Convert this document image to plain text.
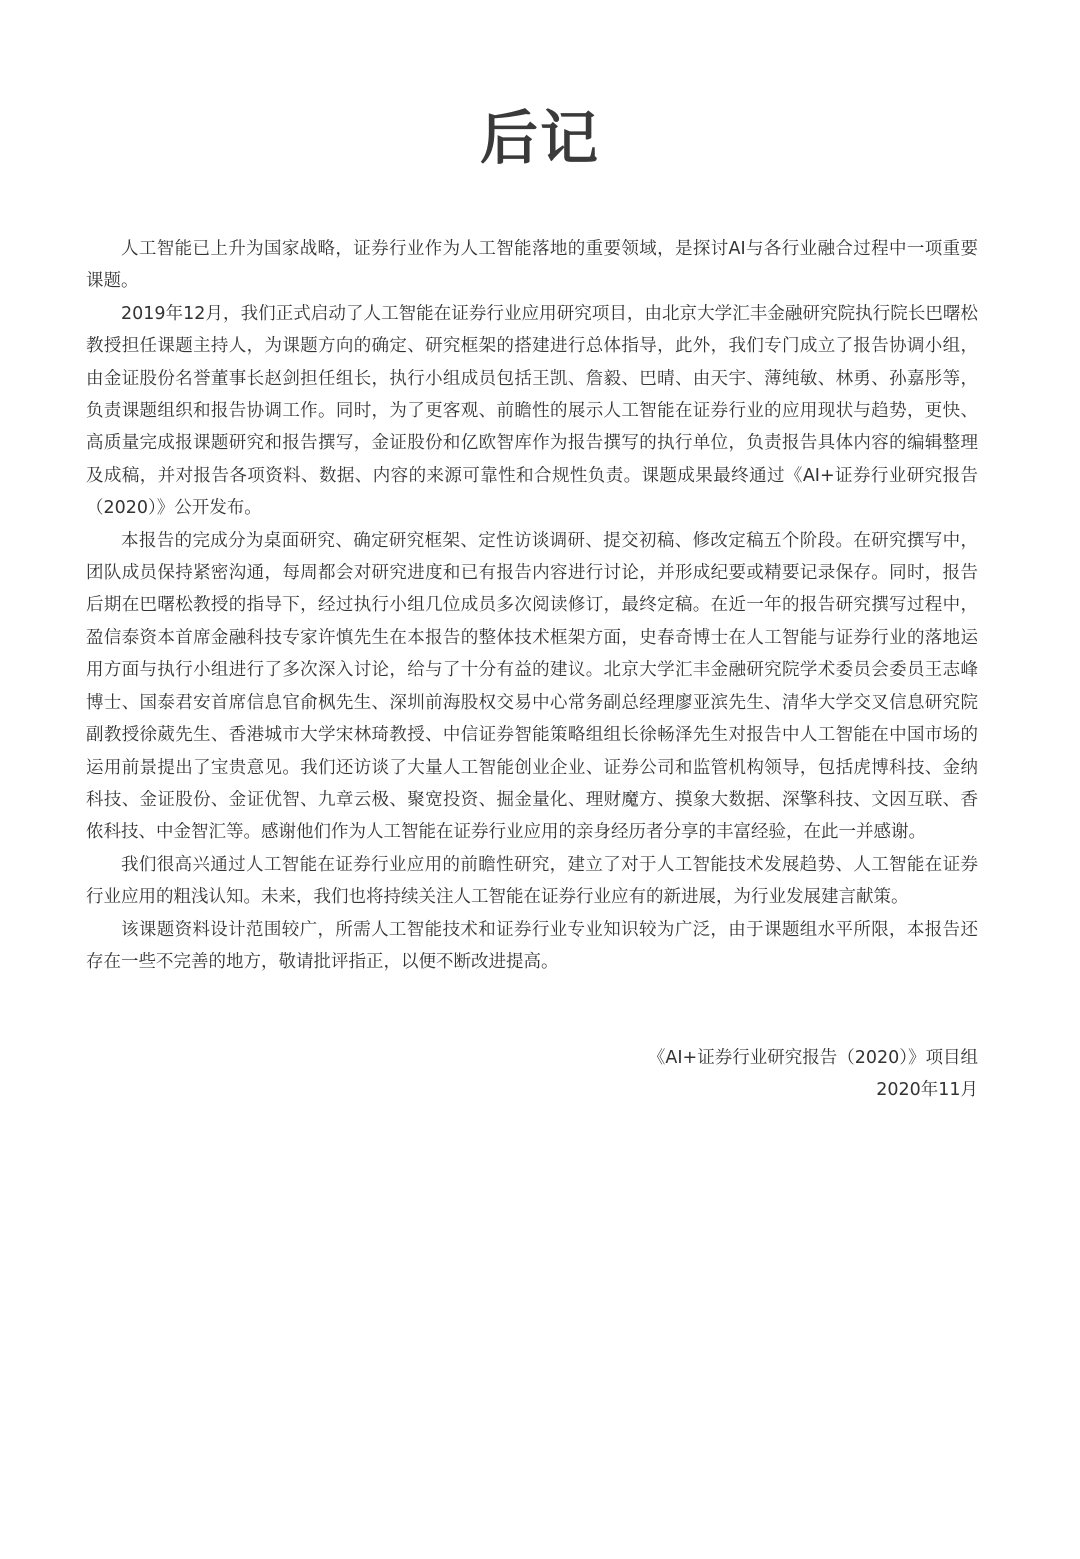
后记

人工智能已上升为国家战略，证券行业作为人工智能落地的重要领域，是探讨AI与各行业融合过程中一项重要课题。

2019年12月，我们正式启动了人工智能在证券行业应用研究项目，由北京大学汇丰金融研究院执行院长巴曙松教授担任课题主持人，为课题方向的确定、研究框架的搭建进行总体指导，此外，我们专门成立了报告协调小组，由金证股份名誉董事长赵剑担任组长，执行小组成员包括王凯、詹毅、巴晴、由天宇、薄纯敏、林勇、孙嘉彤等，负责课题组织和报告协调工作。同时，为了更客观、前瞻性的展示人工智能在证券行业的应用现状与趋势，更快、高质量完成报课题研究和报告撰写，金证股份和亿欧智库作为报告撰写的执行单位，负责报告具体内容的编辑整理及成稿，并对报告各项资料、数据、内容的来源可靠性和合规性负责。课题成果最终通过《AI+证券行业研究报告（2020）》公开发布。

本报告的完成分为桌面研究、确定研究框架、定性访谈调研、提交初稿、修改定稿五个阶段。在研究撰写中，团队成员保持紧密沟通，每周都会对研究进度和已有报告内容进行讨论，并形成纪要或精要记录保存。同时，报告后期在巴曙松教授的指导下，经过执行小组几位成员多次阅读修订，最终定稿。在近一年的报告研究撰写过程中，盈信泰资本首席金融科技专家许慎先生在本报告的整体技术框架方面，史春奇博士在人工智能与证券行业的落地运用方面与执行小组进行了多次深入讨论，给与了十分有益的建议。北京大学汇丰金融研究院学术委员会委员王志峰博士、国泰君安首席信息官俞枫先生、深圳前海股权交易中心常务副总经理廖亚滨先生、清华大学交叉信息研究院副教授徐葳先生、香港城市大学宋林琦教授、中信证券智能策略组组长徐畅泽先生对报告中人工智能在中国市场的运用前景提出了宝贵意见。我们还访谈了大量人工智能创业企业、证券公司和监管机构领导，包括虎博科技、金纳科技、金证股份、金证优智、九章云极、聚宽投资、掘金量化、理财魔方、摸象大数据、深擎科技、文因互联、香侬科技、中金智汇等。感谢他们作为人工智能在证券行业应用的亲身经历者分享的丰富经验，在此一并感谢。

我们很高兴通过人工智能在证券行业应用的前瞻性研究，建立了对于人工智能技术发展趋势、人工智能在证券行业应用的粗浅认知。未来，我们也将持续关注人工智能在证券行业应有的新进展，为行业发展建言献策。

该课题资料设计范围较广，所需人工智能技术和证券行业专业知识较为广泛，由于课题组水平所限，本报告还存在一些不完善的地方，敬请批评指正，以便不断改进提高。

《AI+证券行业研究报告（2020）》项目组
2020年11月
